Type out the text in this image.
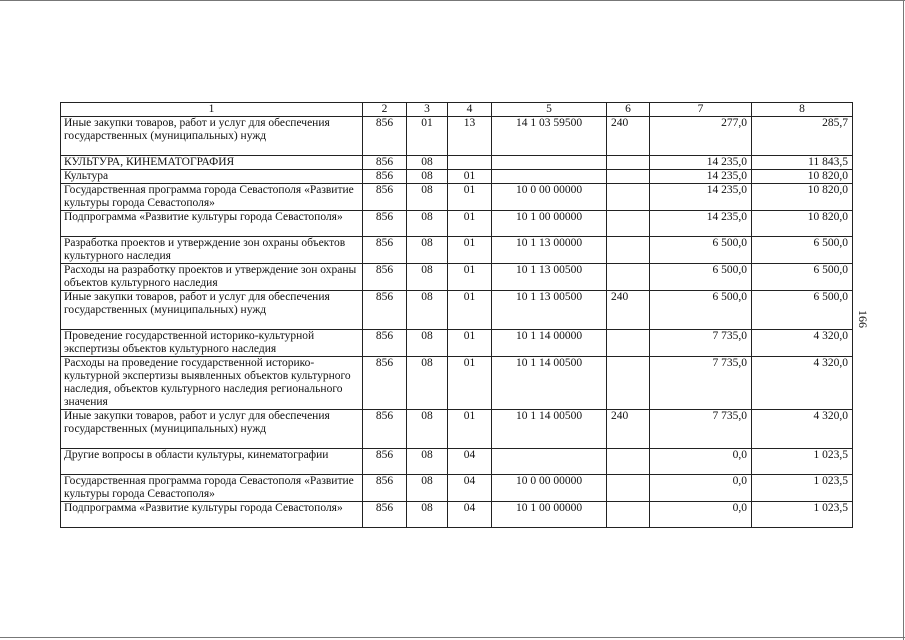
1	2	3	4	5	6	7	8
Иные закупки товаров, работ и услуг для обеспечения государственных (муниципальных) нужд	856	01	13	14 1 03 59500	240	277,0	285,7
КУЛЬТУРА, КИНЕМАТОГРАФИЯ	856	08				14 235,0	11 843,5
Культура	856	08	01			14 235,0	10 820,0
Государственная программа города Севастополя «Развитие культуры города Севастополя»	856	08	01	10 0 00 00000		14 235,0	10 820,0
Подпрограмма «Развитие культуры города Севастополя»	856	08	01	10 1 00 00000		14 235,0	10 820,0
Разработка проектов и утверждение зон охраны объектов культурного наследия	856	08	01	10 1 13 00000		6 500,0	6 500,0
Расходы на разработку проектов и утверждение зон охраны объектов культурного наследия	856	08	01	10 1 13 00500		6 500,0	6 500,0
Иные закупки товаров, работ и услуг для обеспечения государственных (муниципальных) нужд	856	08	01	10 1 13 00500	240	6 500,0	6 500,0
Проведение государственной историко-культурной экспертизы объектов культурного наследия	856	08	01	10 1 14 00000		7 735,0	4 320,0
Расходы на проведение государственной историко-культурной экспертизы выявленных объектов культурного наследия, объектов культурного наследия регионального значения	856	08	01	10 1 14 00500		7 735,0	4 320,0
Иные закупки товаров, работ и услуг для обеспечения государственных (муниципальных) нужд	856	08	01	10 1 14 00500	240	7 735,0	4 320,0
Другие вопросы в области культуры, кинематографии	856	08	04			0,0	1 023,5
Государственная программа города Севастополя «Развитие культуры города Севастополя»	856	08	04	10 0 00 00000		0,0	1 023,5
Подпрограмма «Развитие культуры города Севастополя»	856	08	04	10 1 00 00000		0,0	1 023,5
166
